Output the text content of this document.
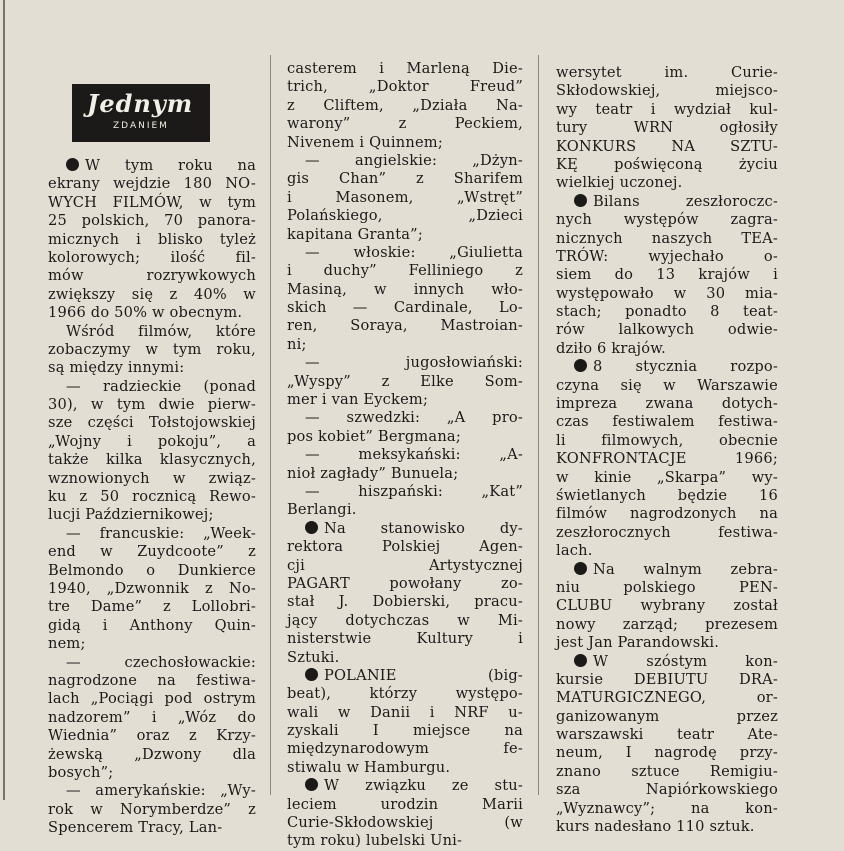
Jednym
ZDANIEM
W tym roku na
ekrany wejdzie 180 NO-
WYCH FILMÓW, w tym
25 polskich, 70 panora-
micznych i blisko tyleż
kolorowych; ilość fil-
mów rozrywkowych
zwiększy się z 40% w
1966 do 50% w obecnym.
Wśród filmów, które
zobaczymy w tym roku,
są między innymi:
— radzieckie (ponad
30), w tym dwie pierw-
sze części Tołstojowskiej
„Wojny i pokoju”, a
także kilka klasycznych,
wznowionych w związ-
ku z 50 rocznicą Rewo-
lucji Październikowej;
— francuskie: „Week-
end w Zuydcoote” z
Belmondo o Dunkierce
1940, „Dzwonnik z No-
tre Dame” z Lollobri-
gidą i Anthony Quin-
nem;
— czechosłowackie:
nagrodzone na festiwa-
lach „Pociągi pod ostrym
nadzorem” i „Wóz do
Wiednia” oraz z Krzy-
żewską „Dzwony dla
bosych”;
— amerykańskie: „Wy-
rok w Norymberdze” z
Spencerem Tracy, Lan-
casterem i Marleną Die-
trich, „Doktor Freud”
z Cliftem, „Działa Na-
warony” z Peckiem,
Nivenem i Quinnem;
— angielskie: „Dżyn-
gis Chan” z Sharifem
i Masonem, „Wstręt”
Polańskiego, „Dzieci
kapitana Granta”;
— włoskie: „Giulietta
i duchy” Felliniego z
Masiną, w innych wło-
skich — Cardinale, Lo-
ren, Soraya, Mastroian-
ni;
— jugosłowiański:
„Wyspy” z Elke Som-
mer i van Eyckem;
— szwedzki: „A pro-
pos kobiet” Bergmana;
— meksykański: „A-
nioł zagłady” Bunuela;
— hiszpański: „Kat”
Berlangi.
Na stanowisko dy-
rektora Polskiej Agen-
cji Artystycznej
PAGART powołany zo-
stał J. Dobierski, pracu-
jący dotychczas w Mi-
nisterstwie Kultury i
Sztuki.
POLANIE (big-
beat), którzy występo-
wali w Danii i NRF u-
zyskali I miejsce na
międzynarodowym fe-
stiwalu w Hamburgu.
W związku ze stu-
leciem urodzin Marii
Curie-Skłodowskiej (w
tym roku) lubelski Uni-
wersytet im. Curie-
Skłodowskiej, miejsco-
wy teatr i wydział kul-
tury WRN ogłosiły
KONKURS NA SZTU-
KĘ poświęconą życiu
wielkiej uczonej.
Bilans zeszłoroczc-
nych występów zagra-
nicznych naszych TEA-
TRÓW: wyjechało o-
siem do 13 krajów i
występowało w 30 mia-
stach; ponadto 8 teat-
rów lalkowych odwie-
dziło 6 krajów.
8 stycznia rozpo-
czyna się w Warszawie
impreza zwana dotych-
czas festiwalem festiwa-
li filmowych, obecnie
KONFRONTACJE 1966;
w kinie „Skarpa” wy-
świetlanych będzie 16
filmów nagrodzonych na
zeszłorocznych festiwa-
lach.
Na walnym zebra-
niu polskiego PEN-
CLUBU wybrany został
nowy zarząd; prezesem
jest Jan Parandowski.
W szóstym kon-
kursie DEBIUTU DRA-
MATURGICZNEGO, or-
ganizowanym przez
warszawski teatr Ate-
neum, I nagrodę przy-
znano sztuce Remigiu-
sza Napiórkowskiego
„Wyznawcy”; na kon-
kurs nadesłano 110 sztuk.
